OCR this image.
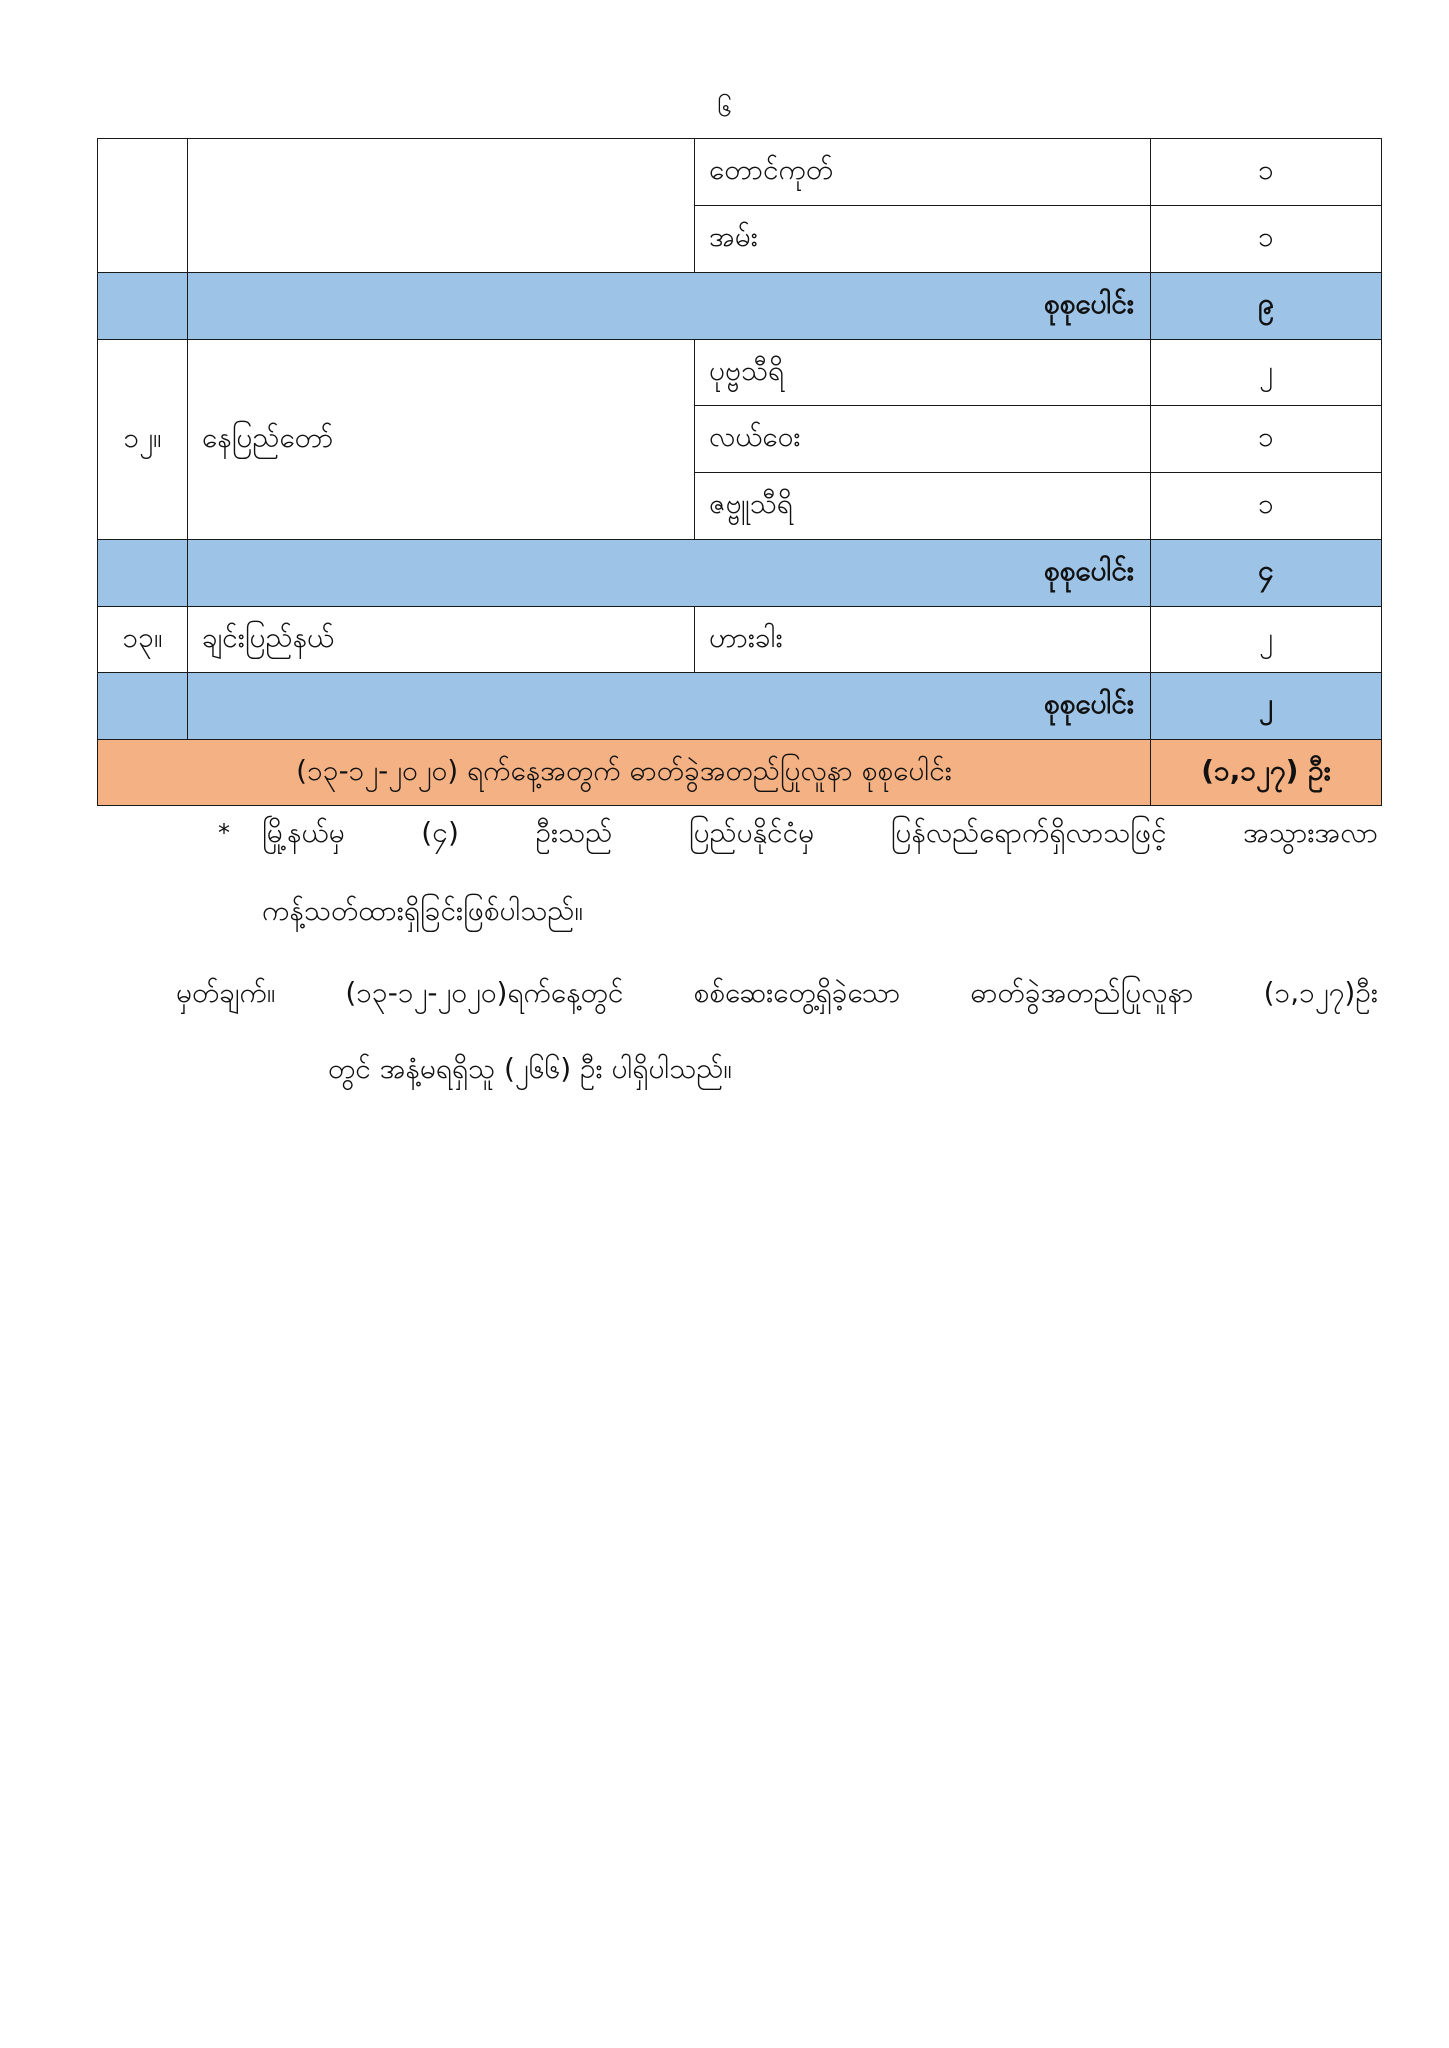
၆
		တောင်ကုတ်	၁
		အမ်း	၁
	စုစုပေါင်း		၉
၁၂။	နေပြည်တော်	ပုဗ္ဗသီရိ	၂
		လယ်ဝေး	၁
		ဇဗ္ဗူသီရိ	၁
	စုစုပေါင်း		၄
၁၃။	ချင်းပြည်နယ်	ဟားခါး	၂
	စုစုပေါင်း		၂
(၁၃-၁၂-၂၀၂၀) ရက်နေ့အတွက် ဓာတ်ခွဲအတည်ပြုလူနာ စုစုပေါင်း			(၁,၁၂၇) ဦး
* မြို့နယ်မှ (၄) ဦးသည် ပြည်ပနိုင်ငံမှ ပြန်လည်ရောက်ရှိလာသဖြင့် အသွားအလာ
ကန့်သတ်ထားရှိခြင်းဖြစ်ပါသည်။
မှတ်ချက်။ (၁၃-၁၂-၂၀၂၀)ရက်နေ့တွင် စစ်ဆေးတွေ့ရှိခဲ့သော ဓာတ်ခွဲအတည်ပြုလူနာ (၁,၁၂၇)ဦး
တွင် အနံ့မရရှိသူ (၂၆၆) ဦး ပါရှိပါသည်။
